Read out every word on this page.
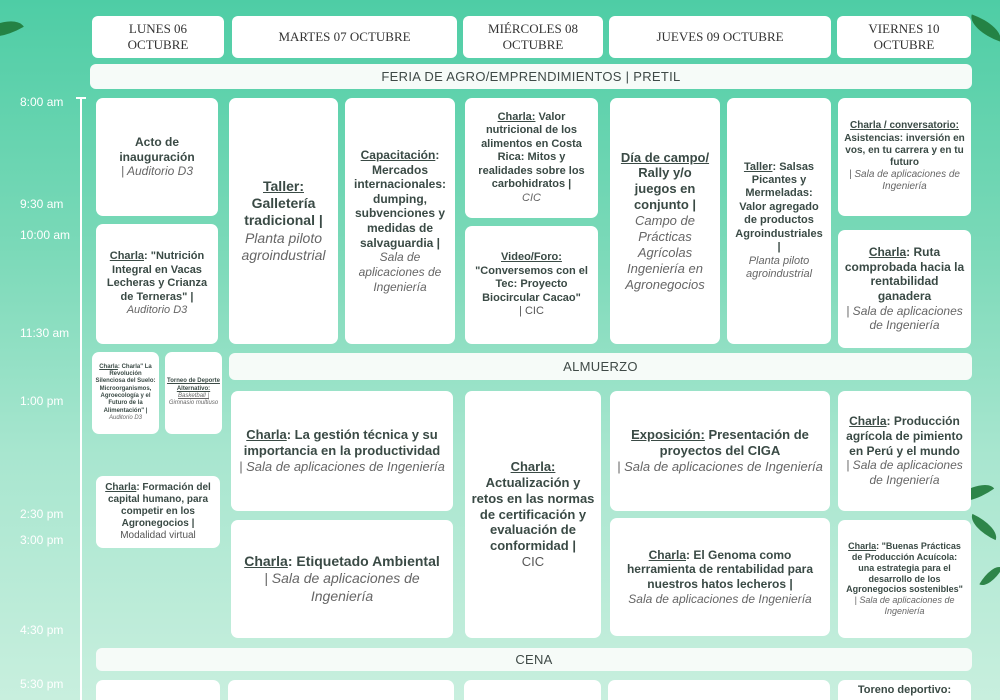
LUNES 06
OCTUBRE
MARTES 07 OCTUBRE
MIÉRCOLES 08
OCTUBRE
JUEVES 09 OCTUBRE
VIERNES 10
OCTUBRE
FERIA DE AGRO/EMPRENDIMIENTOS | PRETIL
ALMUERZO
CENA
8:00 am
9:30 am
10:00 am
11:30 am
1:00 pm
2:30 pm
3:00 pm
4:30 pm
5:30 pm
Acto de inauguración
| Auditorio D3
Charla: "Nutrición Integral en Vacas Lecheras y Crianza de Terneras" |
Auditorio D3
Charla: Charla" La Revolución Silenciosa del Suelo: Microorganismos, Agroecología y el Futuro de la Alimentación" |
Auditorio D3
Torneo de Deporte Alternativo:
Basketball |
Gimnasio multiuso
Charla: Formación del capital humano, para competir en los Agronegocios |
Modalidad virtual
Taller:
Galletería tradicional |
Planta piloto agroindustrial
Capacitación: Mercados internacionales: dumping, subvenciones y medidas de salvaguardia |
Sala de aplicaciones de Ingeniería
Charla: La gestión técnica y su importancia en la productividad
| Sala de aplicaciones de Ingeniería
Charla: Etiquetado Ambiental
| Sala de aplicaciones de Ingeniería
Charla: Valor nutricional de los alimentos en Costa Rica: Mitos y realidades sobre los carbohidratos |
CIC
Video/Foro:
"Conversemos con el Tec: Proyecto Biocircular Cacao"
| CIC
Charla:
Actualización y retos en las normas de certificación y evaluación de conformidad |
CIC
Día de campo/
Rally y/o juegos en conjunto |
Campo de Prácticas Agrícolas Ingeniería en Agronegocios
Taller: Salsas Picantes y Mermeladas: Valor agregado de productos Agroindustriales |
Planta piloto agroindustrial
Exposición: Presentación de proyectos del CIGA
| Sala de aplicaciones de Ingeniería
Charla: El Genoma como herramienta de rentabilidad para nuestros hatos lecheros |
Sala de aplicaciones de Ingeniería
Charla / conversatorio:
Asistencias: inversión en vos, en tu carrera y en tu futuro
| Sala de aplicaciones de Ingeniería
Charla: Ruta comprobada hacia la rentabilidad ganadera
| Sala de aplicaciones de Ingeniería
Charla: Producción agrícola de pimiento en Perú y el mundo
| Sala de aplicaciones de Ingeniería
Charla: "Buenas Prácticas de Producción Acuícola: una estrategia para el desarrollo de los Agronegocios sostenibles"
| Sala de aplicaciones de Ingeniería
Toreno deportivo:
